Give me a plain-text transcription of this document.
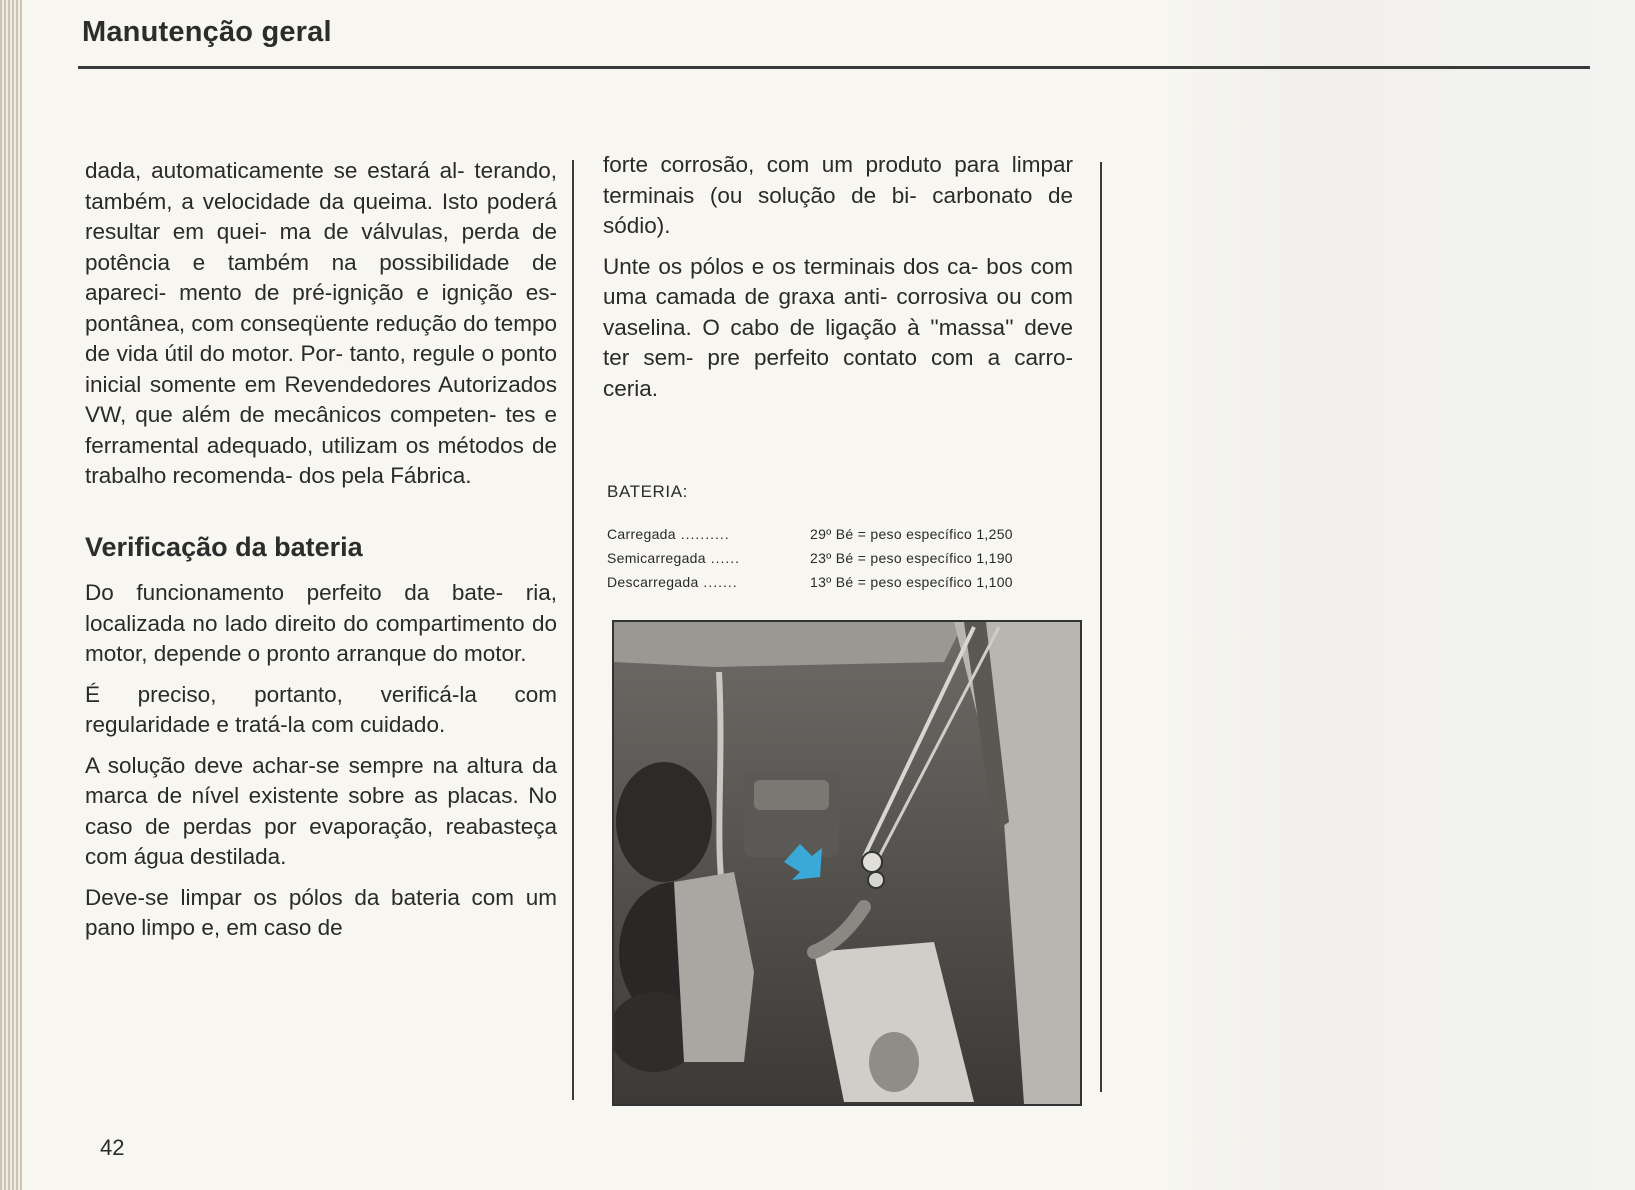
Manutenção geral

dada, automaticamente se estará al- terando, também, a velocidade da queima. Isto poderá resultar em quei- ma de válvulas, perda de potência e também na possibilidade de apareci- mento de pré-ignição e ignição es- pontânea, com conseqüente redução do tempo de vida útil do motor. Por- tanto, regule o ponto inicial somente em Revendedores Autorizados VW, que além de mecânicos competen- tes e ferramental adequado, utilizam os métodos de trabalho recomenda- dos pela Fábrica.

Verificação da bateria

Do funcionamento perfeito da bate- ria, localizada no lado direito do compartimento do motor, depende o pronto arranque do motor.

É preciso, portanto, verificá-la com regularidade e tratá-la com cuidado.

A solução deve achar-se sempre na altura da marca de nível existente sobre as placas. No caso de perdas por evaporação, reabasteça com água destilada.

Deve-se limpar os pólos da bateria com um pano limpo e, em caso de

forte corrosão, com um produto para limpar terminais (ou solução de bi- carbonato de sódio).

Unte os pólos e os terminais dos ca- bos com uma camada de graxa anti- corrosiva ou com vaselina. O cabo de ligação à ''massa'' deve ter sem- pre perfeito contato com a carro- ceria.

BATERIA:
Carregada ..........	29º Bé = peso específico 1,250
Semicarregada ......	23º Bé = peso específico 1,190
Descarregada .......	13º Bé = peso específico 1,100
42
